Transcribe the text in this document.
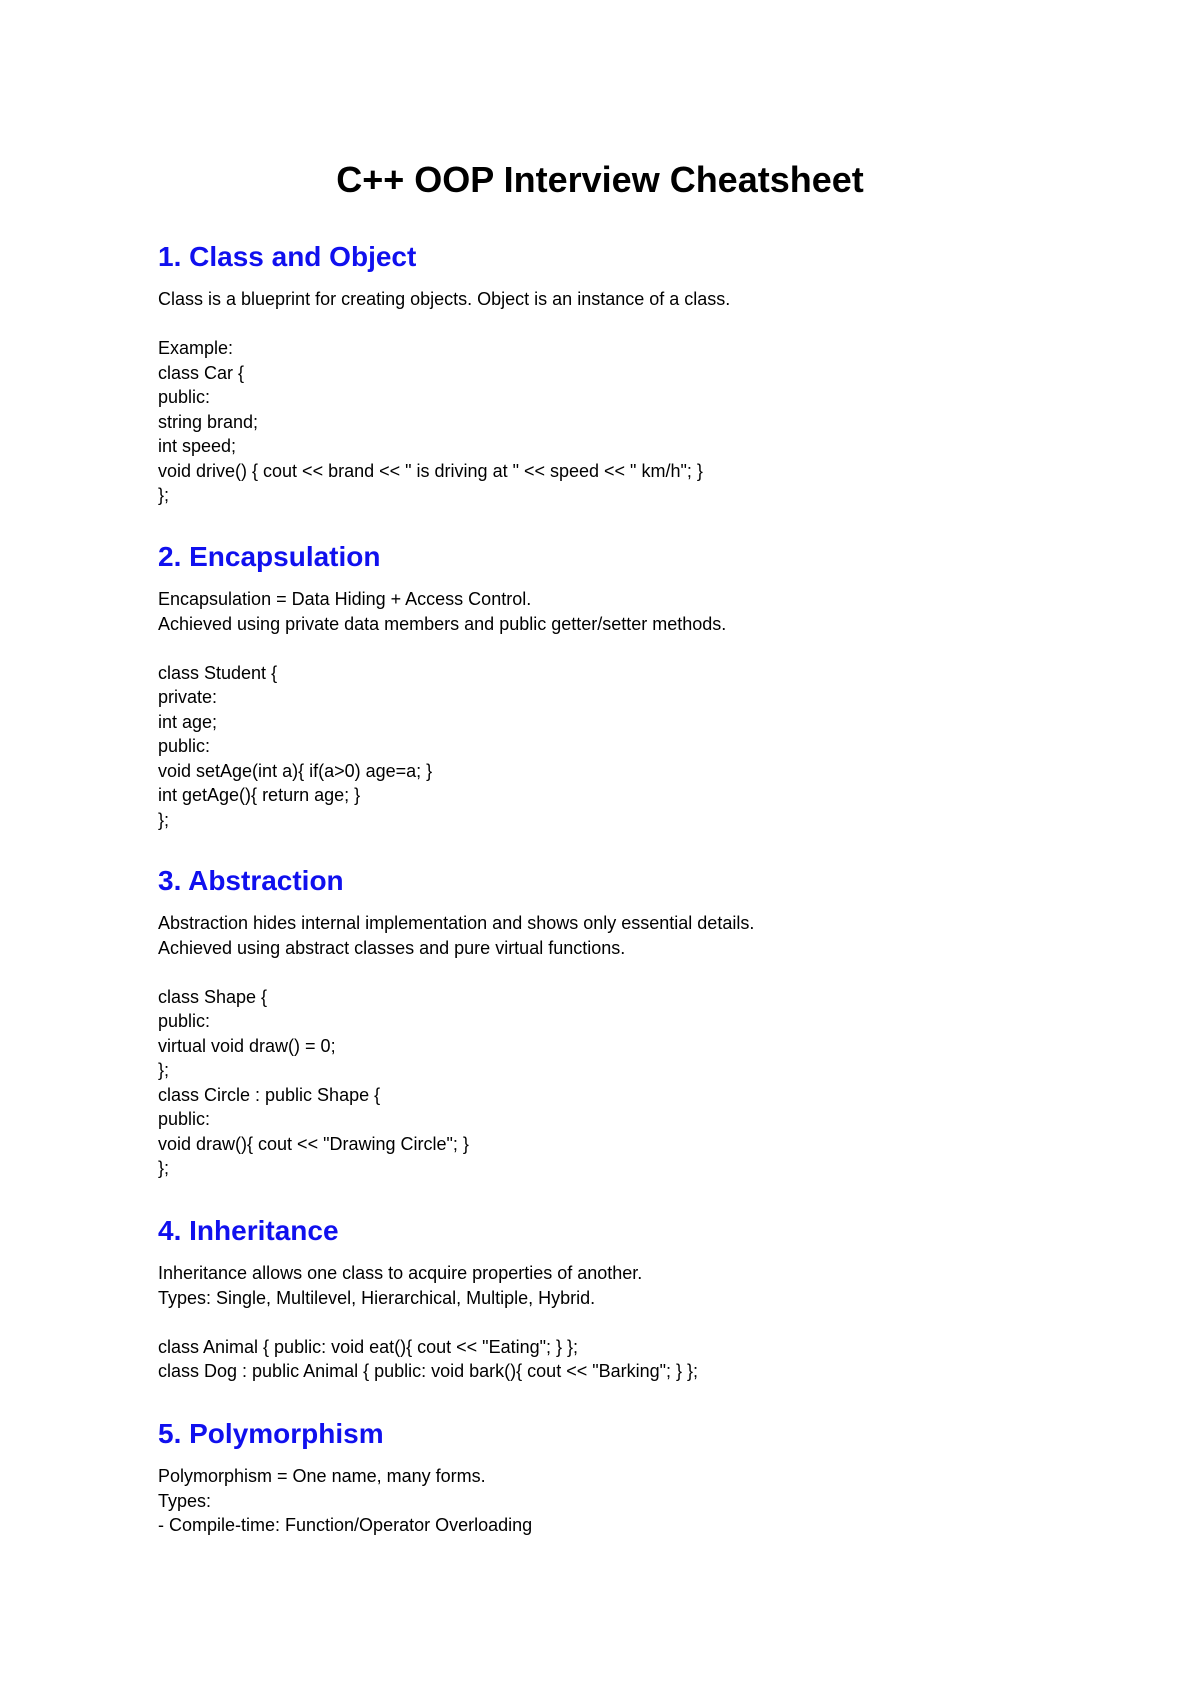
C++ OOP Interview Cheatsheet
1. Class and Object

Class is a blueprint for creating objects. Object is an instance of a class.

Example:

class Car {

public:

string brand;

int speed;

void drive() { cout << brand << " is driving at " << speed << " km/h"; }

};

2. Encapsulation

Encapsulation = Data Hiding + Access Control.

Achieved using private data members and public getter/setter methods.

class Student {

private:

int age;

public:

void setAge(int a){ if(a>0) age=a; }

int getAge(){ return age; }

};

3. Abstraction

Abstraction hides internal implementation and shows only essential details.

Achieved using abstract classes and pure virtual functions.

class Shape {

public:

virtual void draw() = 0;

};

class Circle : public Shape {

public:

void draw(){ cout << "Drawing Circle"; }

};

4. Inheritance

Inheritance allows one class to acquire properties of another.

Types: Single, Multilevel, Hierarchical, Multiple, Hybrid.

class Animal { public: void eat(){ cout << "Eating"; } };

class Dog : public Animal { public: void bark(){ cout << "Barking"; } };

5. Polymorphism

Polymorphism = One name, many forms.

Types:

- Compile-time: Function/Operator Overloading
